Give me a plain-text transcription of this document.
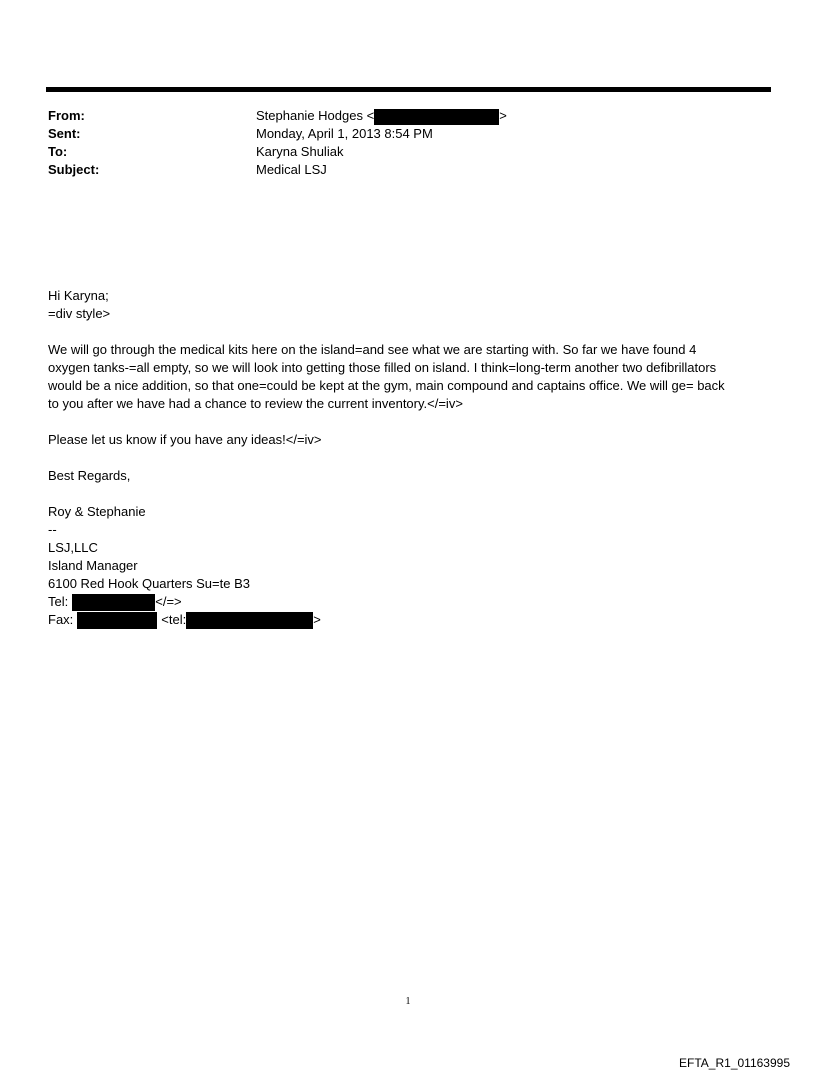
From:	Stephanie Hodges <	>
Sent:	Monday, April 1, 2013 8:54 PM
To:	Karyna Shuliak
Subject:	Medical LSJ
Hi Karyna;
=div style>
We will go through the medical kits here on the island=and see what we are starting with. So far we have found 4
oxygen tanks-=all empty, so we will look into getting those filled on island. I think=long-term another two defibrillators
would be a nice addition, so that one=could be kept at the gym, main compound and captains office. We will ge= back
to you after we have had a chance to review the current inventory.</=iv>
Please let us know if you have any ideas!</=iv>
Best Regards,
Roy & Stephanie
--
LSJ,LLC
Island Manager
6100 Red Hook Quarters Su=te B3
Tel:	</=>
Fax:	<tel:	>
1
EFTA_R1_01163995
